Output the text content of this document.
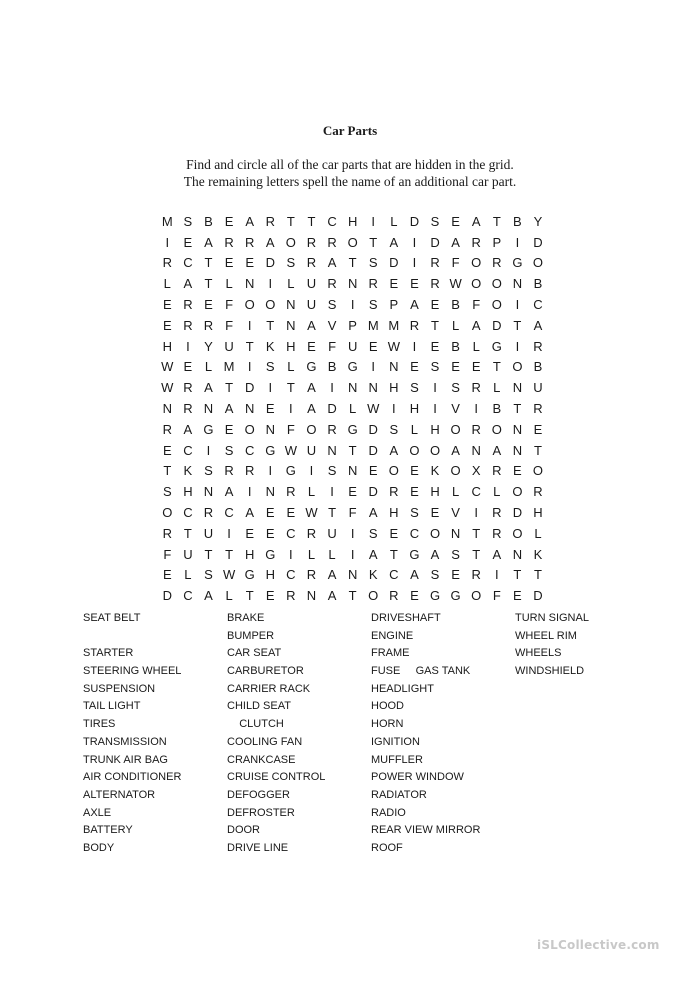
Car Parts
Find and circle all of the car parts that are hidden in the grid.
The remaining letters spell the name of an additional car part.
M S B E A R T T C H	I	L D S E A T B Y
I	E A R R A O R R O T A	I	D A R P	I	D
R C T E E D S R A T S D	I	R F O R G O
L A T	L N	I	L U R N R E E R W O O N B
E R E F O O N U S	I	S P A E B F O	I	C
E R R F	I	T N A V P M M R T	L A D T A
H	I	Y U T K H E F U E W I	E B L G	I	R
W E L M	I	S L G B G	I	N E S E E T O B
W R A T D	I	T A	I	N N H S	I	S R L N U
N R N A N E	I	A D L W I	H	I	V	I	B T R
R A G E O N F O R G D S L H O R O N E
E C	I	S C G W U N T D A O O A N A N T
T K S R R	I	G	I	S N E O E K O X R E O
S H N A	I	N R L	I	E D R E H L C L O R
O C R C A E E W T F A H S E V	I	R D H
R T U	I	E E C R U	I	S E C O N T R O L
F U T T H G	I	L	L	I	A T G A S T A N K
E L S W G H C R A N K C A S E R	I	T T
D C A L	T E R N A T O R E G G O F E D
SEAT BELT
STARTER
STEERING WHEEL
SUSPENSION
TAIL LIGHT
TIRES
TRANSMISSION
TRUNK AIR BAG
AIR CONDITIONER
ALTERNATOR
AXLE
BATTERY
BODY
BRAKE
BUMPER
CAR SEAT
CARBURETOR
CARRIER RACK
CHILD SEAT
CLUTCH
COOLING FAN
CRANKCASE
CRUISE CONTROL
DEFOGGER
DEFROSTER
DOOR
DRIVE LINE
DRIVESHAFT
ENGINE
FRAME
FUSE     GAS TANK
HEADLIGHT
HOOD
HORN
IGNITION
MUFFLER
POWER WINDOW
RADIATOR
RADIO
REAR VIEW MIRROR
ROOF
TURN SIGNAL
WHEEL RIM
WHEELS
WINDSHIELD
iSLCollective.com
